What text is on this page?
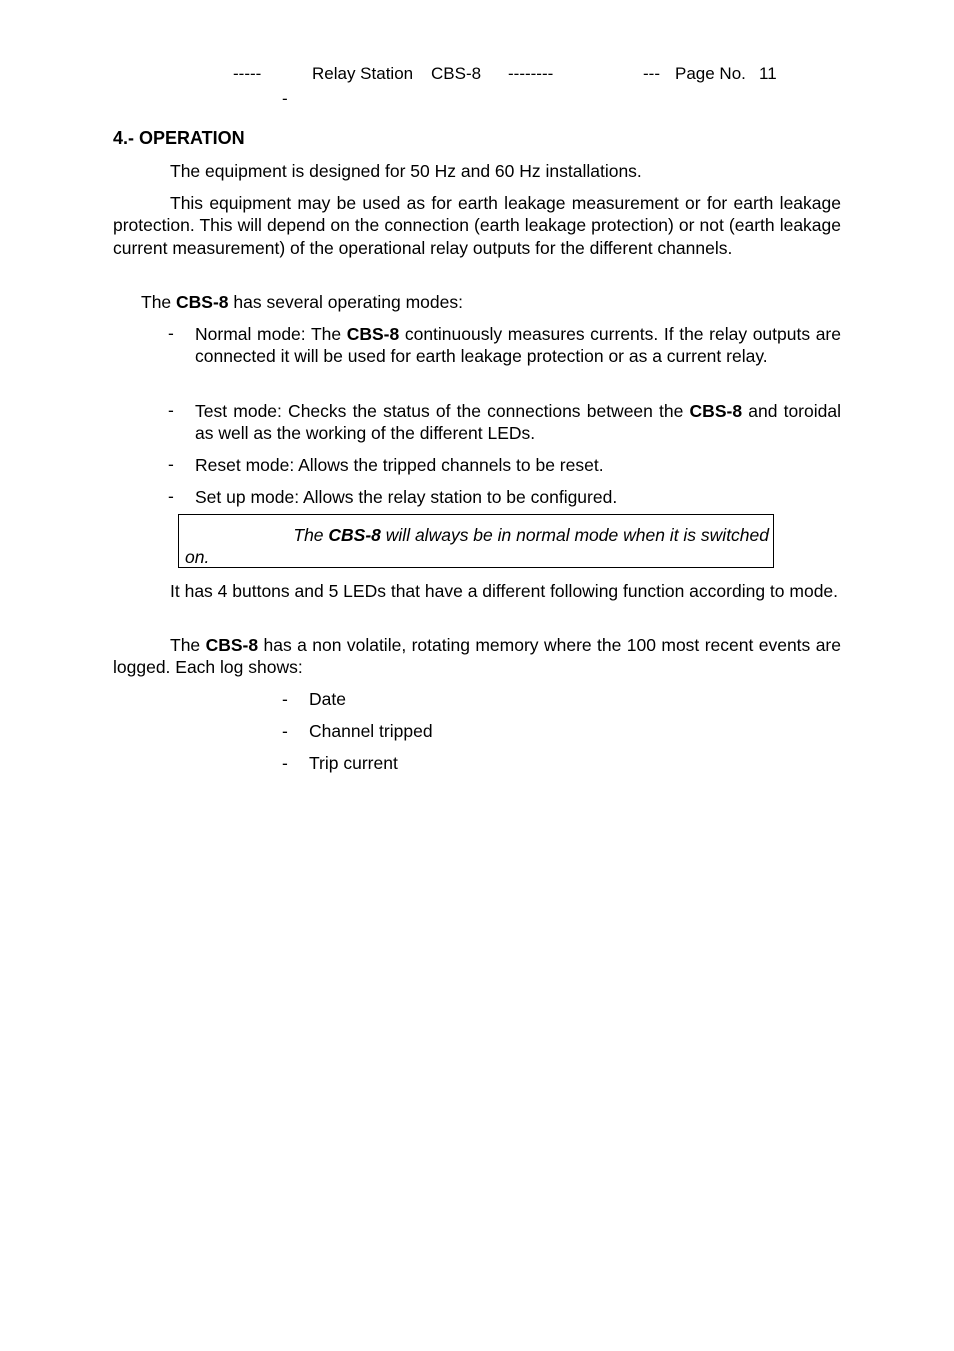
-----	Relay Station CBS-8 --------	--- Page No. 11
-
4.- OPERATION
The equipment is designed for 50 Hz and 60 Hz installations.
This equipment may be used as for earth leakage measurement or for earth leakage protection. This will depend on the connection (earth leakage protection) or not (earth leakage current measurement) of the operational relay outputs for the different channels.
The CBS-8 has several operating modes:
- Normal mode: The CBS-8 continuously measures currents. If the relay outputs are connected it will be used for earth leakage protection or as a current relay.
- Test mode: Checks the status of the connections between the CBS-8 and toroidal as well as the working of the different LEDs.
- Reset mode: Allows the tripped channels to be reset.
- Set up mode: Allows the relay station to be configured.
The CBS-8 will always be in normal mode when it is switched
on.
It has 4 buttons and 5 LEDs that have a different following function according to mode.
The CBS-8 has a non volatile, rotating memory where the 100 most recent events are logged. Each log shows:
- Date
- Channel tripped
- Trip current
